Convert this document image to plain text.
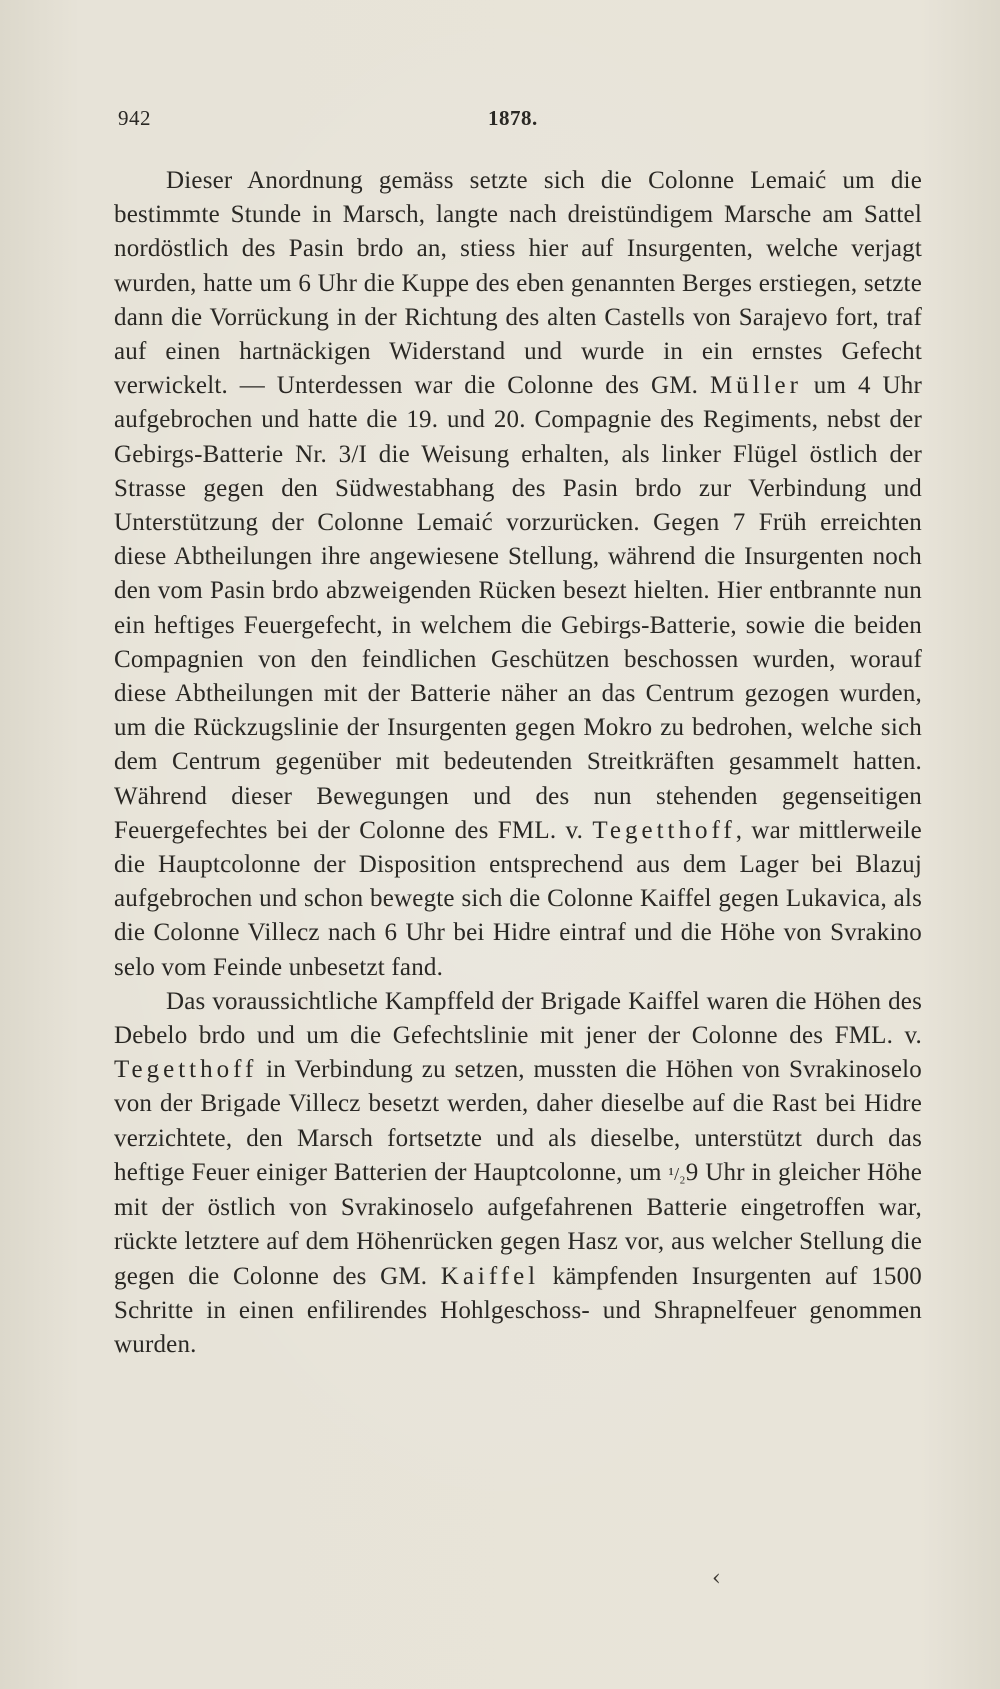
942	1878.

Dieser Anordnung gemäss setzte sich die Colonne Lemaić um die bestimmte Stunde in Marsch, langte nach dreistündigem Marsche am Sattel nordöstlich des Pasin brdo an, stiess hier auf Insurgenten, welche verjagt wurden, hatte um 6 Uhr die Kuppe des eben genannten Berges erstiegen, setzte dann die Vorrückung in der Richtung des alten Castells von Sarajevo fort, traf auf einen hartnäckigen Widerstand und wurde in ein ernstes Gefecht verwickelt. — Unterdessen war die Colonne des GM. Müller um 4 Uhr aufgebrochen und hatte die 19. und 20. Compagnie des Regiments, nebst der Gebirgs-Batterie Nr. 3/I die Weisung erhalten, als linker Flügel östlich der Strasse gegen den Südwestabhang des Pasin brdo zur Verbindung und Unterstützung der Colonne Lemaić vorzurücken. Gegen 7 Früh erreichten diese Abtheilungen ihre angewiesene Stellung, während die Insurgenten noch den vom Pasin brdo abzweigenden Rücken besezt hielten. Hier entbrannte nun ein heftiges Feuergefecht, in welchem die Gebirgs-Batterie, sowie die beiden Compagnien von den feindlichen Geschützen beschossen wurden, worauf diese Abtheilungen mit der Batterie näher an das Centrum gezogen wurden, um die Rückzugslinie der Insurgenten gegen Mokro zu bedrohen, welche sich dem Centrum gegenüber mit bedeutenden Streitkräften gesammelt hatten. Während dieser Bewegungen und des nun stehenden gegenseitigen Feuergefechtes bei der Colonne des FML. v. Tegetthoff, war mittlerweile die Hauptcolonne der Disposition entsprechend aus dem Lager bei Blazuj aufgebrochen und schon bewegte sich die Colonne Kaiffel gegen Lukavica, als die Colonne Villecz nach 6 Uhr bei Hidre eintraf und die Höhe von Svrakino selo vom Feinde unbesetzt fand.

Das voraussichtliche Kampffeld der Brigade Kaiffel waren die Höhen des Debelo brdo und um die Gefechtslinie mit jener der Colonne des FML. v. Tegetthoff in Verbindung zu setzen, mussten die Höhen von Svrakinoselo von der Brigade Villecz besetzt werden, daher dieselbe auf die Rast bei Hidre verzichtete, den Marsch fortsetzte und als dieselbe, unterstützt durch das heftige Feuer einiger Batterien der Hauptcolonne, um ¹/₂9 Uhr in gleicher Höhe mit der östlich von Svrakinoselo aufgefahrenen Batterie eingetroffen war, rückte letztere auf dem Höhenrücken gegen Hasz vor, aus welcher Stellung die gegen die Colonne des GM. Kaiffel kämpfenden Insurgenten auf 1500 Schritte in einen enfilirendes Hohlgeschoss- und Shrapnelfeuer genommen wurden.

‹
